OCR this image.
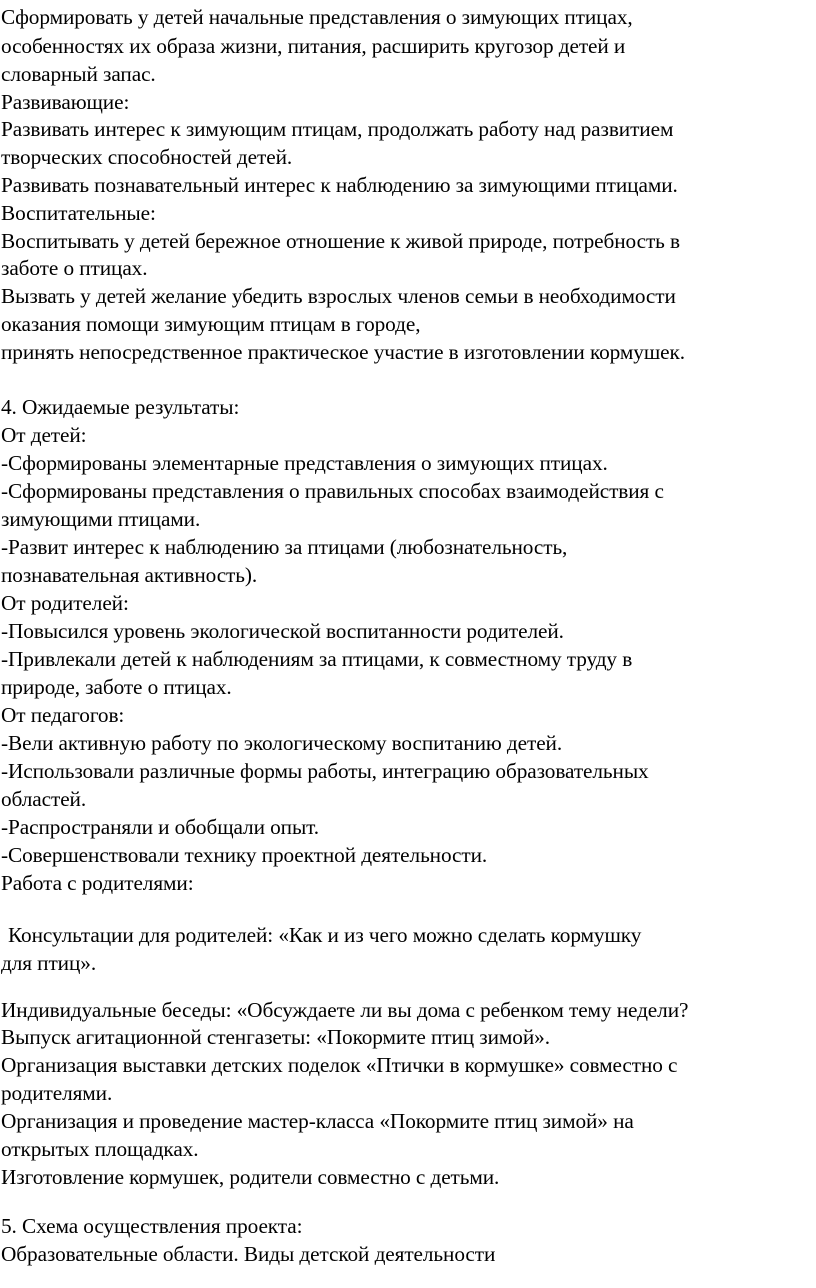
Сформировать у детей начальные представления о зимующих птицах,
особенностях их образа жизни, питания, расширить кругозор детей и
словарный запас.
Развивающие:
Развивать интерес к зимующим птицам, продолжать работу над развитием
творческих способностей детей.
Развивать познавательный интерес к наблюдению за зимующими птицами.
Воспитательные:
Воспитывать у детей бережное отношение к живой природе, потребность в
заботе о птицах.
Вызвать у детей желание убедить взрослых членов семьи в необходимости
оказания помощи зимующим птицам в городе,
принять непосредственное практическое участие в изготовлении кормушек.
4. Ожидаемые результаты:
От детей:
-Сформированы элементарные представления о зимующих птицах.
-Сформированы представления о правильных способах взаимодействия с
зимующими птицами.
-Развит интерес к наблюдению за птицами (любознательность,
познавательная активность).
От родителей:
-Повысился уровень экологической воспитанности родителей.
-Привлекали детей к наблюдениям за птицами, к совместному труду в
природе, заботе о птицах.
От педагогов:
-Вели активную работу по экологическому воспитанию детей.
-Использовали различные формы работы, интеграцию образовательных
областей.
-Распространяли и обобщали опыт.
-Совершенствовали технику проектной деятельности.
Работа с родителями:
Консультации для родителей: «Как и из чего можно сделать кормушку
для птиц».
Индивидуальные беседы: «Обсуждаете ли вы дома с ребенком тему недели?
Выпуск агитационной стенгазеты: «Покормите птиц зимой».
Организация выставки детских поделок «Птички в кормушке» совместно с
родителями.
Организация и проведение мастер-класса «Покормите птиц зимой» на
открытых площадках.
Изготовление кормушек, родители совместно с детьми.
5. Схема осуществления проекта:
Образовательные области. Виды детской деятельности
